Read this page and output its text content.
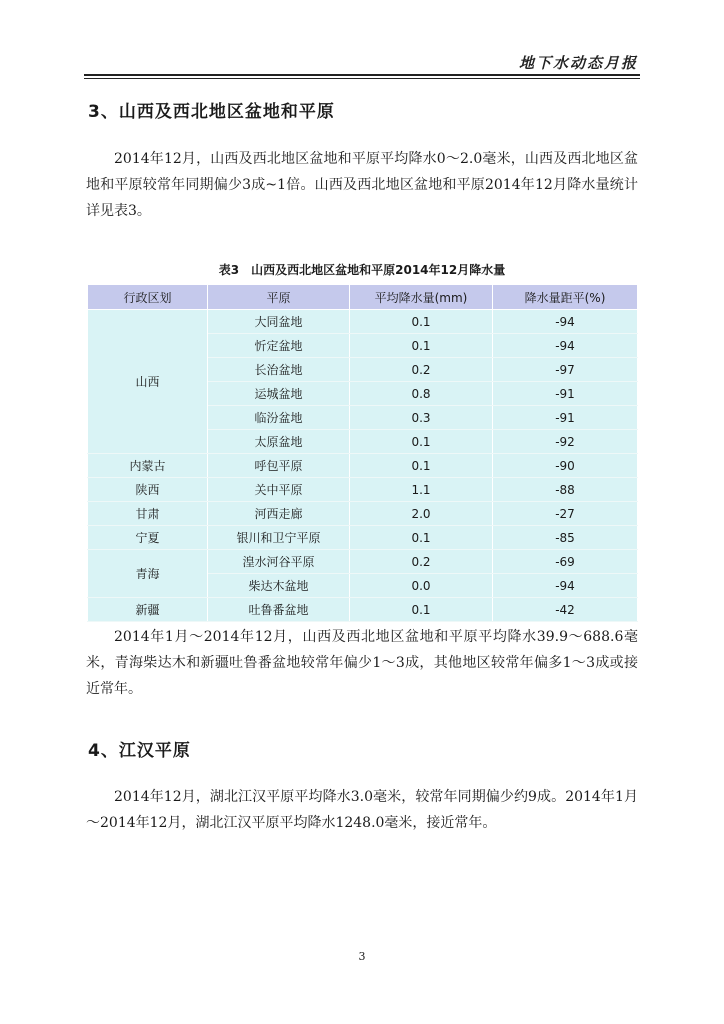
地下水动态月报
3、山西及西北地区盆地和平原

2014年12月，山西及西北地区盆地和平原平均降水0～2.0毫米，山西及西北地区盆地和平原较常年同期偏少3成~1倍。山西及西北地区盆地和平原2014年12月降水量统计详见表3。

表3　山西及西北地区盆地和平原2014年12月降水量
行政区划	平原	平均降水量(mm)	降水量距平(%)
山西	大同盆地	0.1	-94
	忻定盆地	0.1	-94
	长治盆地	0.2	-97
	运城盆地	0.8	-91
	临汾盆地	0.3	-91
	太原盆地	0.1	-92
内蒙古	呼包平原	0.1	-90
陕西	关中平原	1.1	-88
甘肃	河西走廊	2.0	-27
宁夏	银川和卫宁平原	0.1	-85
青海	湟水河谷平原	0.2	-69
	柴达木盆地	0.0	-94
新疆	吐鲁番盆地	0.1	-42

2014年1月～2014年12月，山西及西北地区盆地和平原平均降水39.9～688.6毫米，青海柴达木和新疆吐鲁番盆地较常年偏少1～3成，其他地区较常年偏多1～3成或接近常年。

4、江汉平原

2014年12月，湖北江汉平原平均降水3.0毫米，较常年同期偏少约9成。2014年1月～2014年12月，湖北江汉平原平均降水1248.0毫米，接近常年。

3
